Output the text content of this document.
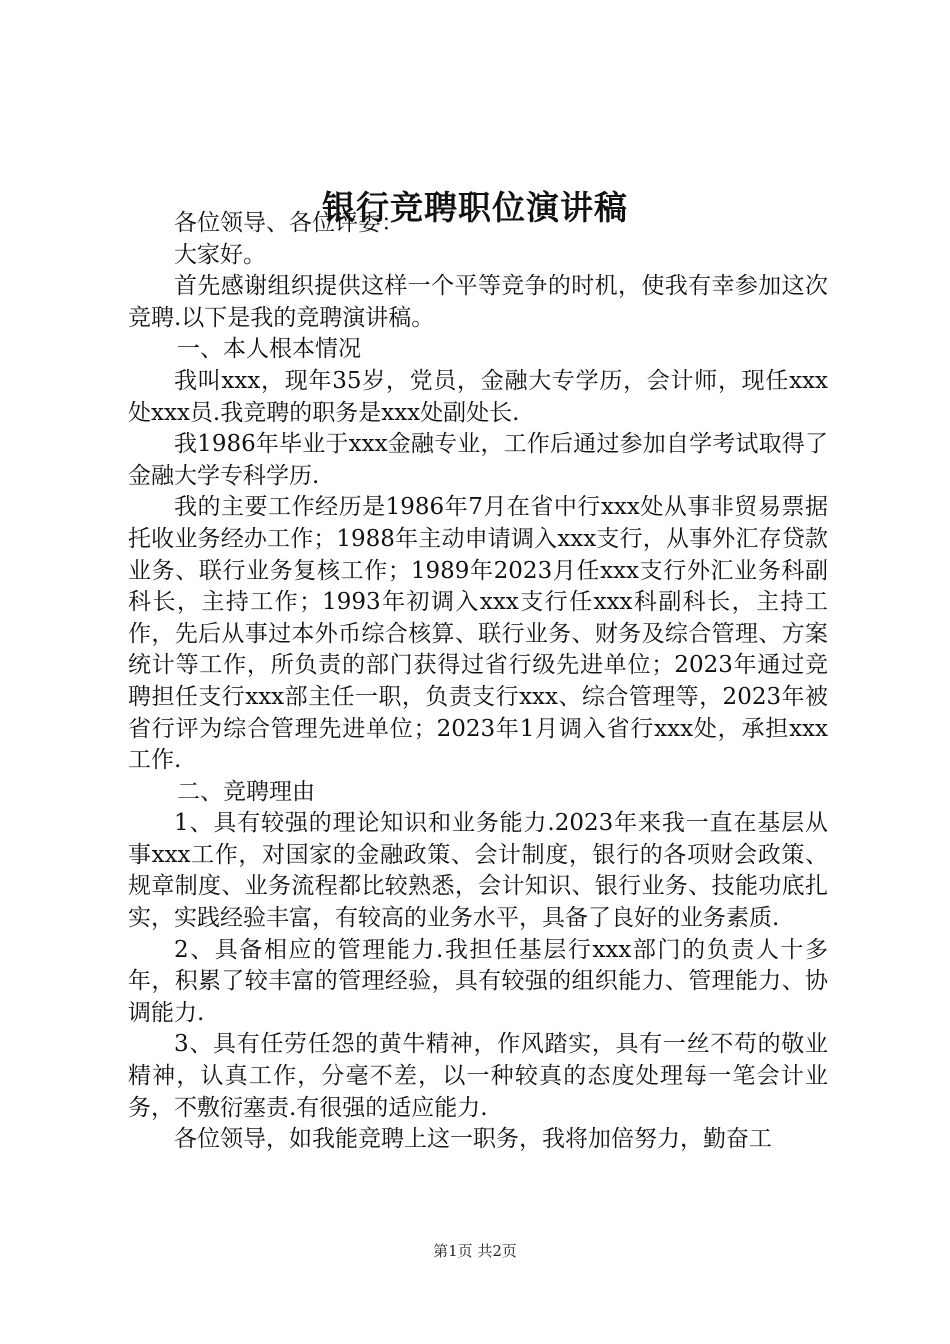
银行竞聘职位演讲稿

各位领导、各位评委：

大家好。

首先感谢组织提供这样一个平等竞争的时机，使我有幸参加这次竞聘.以下是我的竞聘演讲稿。

一、本人根本情况

我叫xxx，现年35岁，党员，金融大专学历，会计师，现任xxx处xxx员.我竞聘的职务是xxx处副处长.

我1986年毕业于xxx金融专业，工作后通过参加自学考试取得了金融大学专科学历.

我的主要工作经历是1986年7月在省中行xxx处从事非贸易票据托收业务经办工作；1988年主动申请调入xxx支行，从事外汇存贷款业务、联行业务复核工作；1989年2023月任xxx支行外汇业务科副科长，主持工作；1993年初调入xxx支行任xxx科副科长，主持工作，先后从事过本外币综合核算、联行业务、财务及综合管理、方案统计等工作，所负责的部门获得过省行级先进单位；2023年通过竞聘担任支行xxx部主任一职，负责支行xxx、综合管理等，2023年被省行评为综合管理先进单位；2023年1月调入省行xxx处，承担xxx工作.

二、竞聘理由

1、具有较强的理论知识和业务能力.2023年来我一直在基层从事xxx工作，对国家的金融政策、会计制度，银行的各项财会政策、规章制度、业务流程都比较熟悉，会计知识、银行业务、技能功底扎实，实践经验丰富，有较高的业务水平，具备了良好的业务素质.

2、具备相应的管理能力.我担任基层行xxx部门的负责人十多年，积累了较丰富的管理经验，具有较强的组织能力、管理能力、协调能力.

3、具有任劳任怨的黄牛精神，作风踏实，具有一丝不苟的敬业精神，认真工作，分毫不差，以一种较真的态度处理每一笔会计业务，不敷衍塞责.有很强的适应能力.

各位领导，如我能竞聘上这一职务，我将加倍努力，勤奋工

第1页 共2页
